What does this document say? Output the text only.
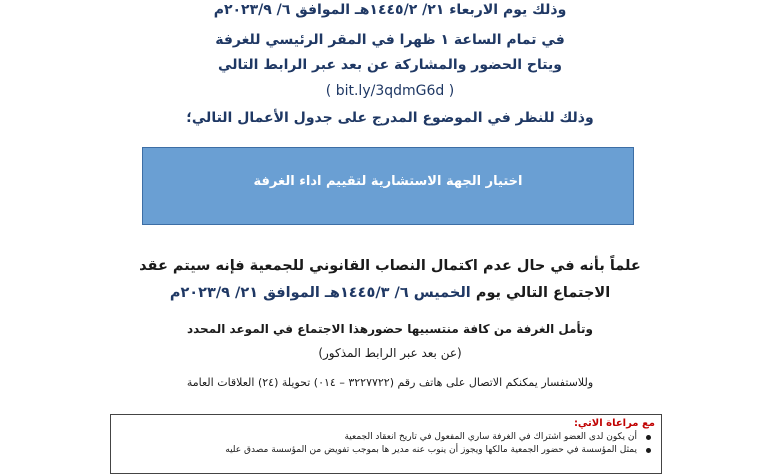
وذلك يوم الاربعاء ٢١/ ١٤٤٥/٢هـ الموافق ٦/ ٢٠٢٣/٩م
في تمام الساعة ١ ظهرا في المقر الرئيسي للغرفة
ويتاح الحضور والمشاركة عن بعد عبر الرابط التالي
( bit.ly/3qdmG6d )
وذلك للنظر في الموضوع المدرج على جدول الأعمال التالي؛
اختيار الجهة الاستشارية لتقييم اداء الغرفة
علماً بأنه في حال عدم اكتمال النصاب القانوني للجمعية فإنه سيتم عقد
الاجتماع التالي يوم الخميس ٦/ ١٤٤٥/٣هـ الموافق ٢١/ ٢٠٢٣/٩م
وتأمل الغرفة من كافة منتسبيها حضورهذا الاجتماع في الموعد المحدد
(عن بعد عبر الرابط المذكور)
وللاستفسار يمكنكم الاتصال على هاتف رقم (٣٢٢٧٧٢٢ – ٠١٤) تحويلة (٢٤) العلاقات العامة
مع مراعاة الاتي:
أن يكون لدى العضو اشتراك في الغرفة ساري المفعول في تاريخ انعقاد الجمعية
يمثل المؤسسة في حضور الجمعية مالكها ويجوز أن ينوب عنه مدير ها بموجب تفويض من المؤسسة مصدق عليه
